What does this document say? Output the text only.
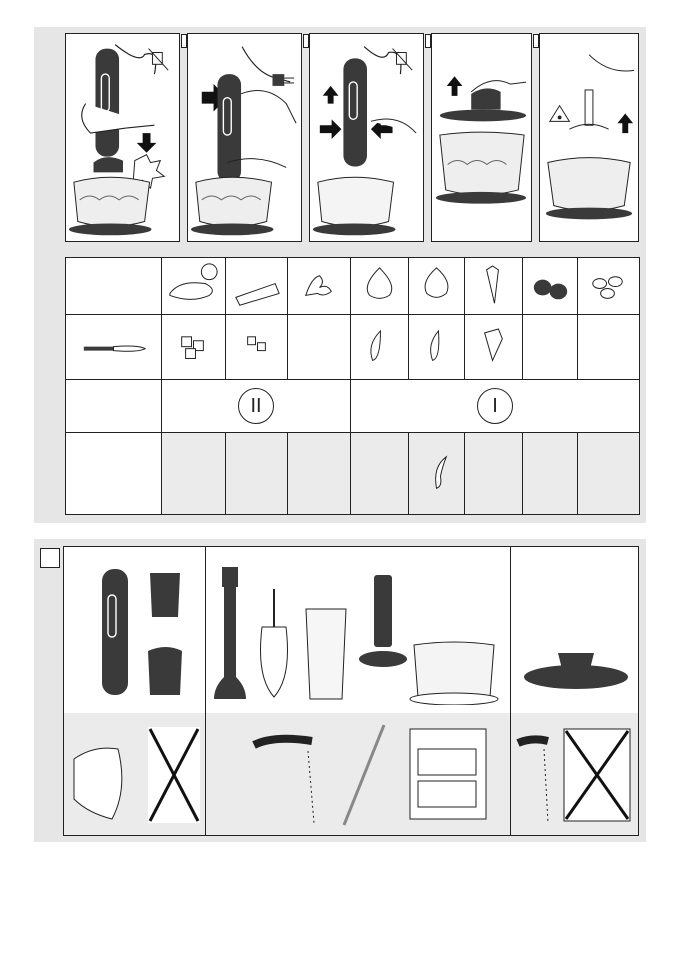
II			I				
